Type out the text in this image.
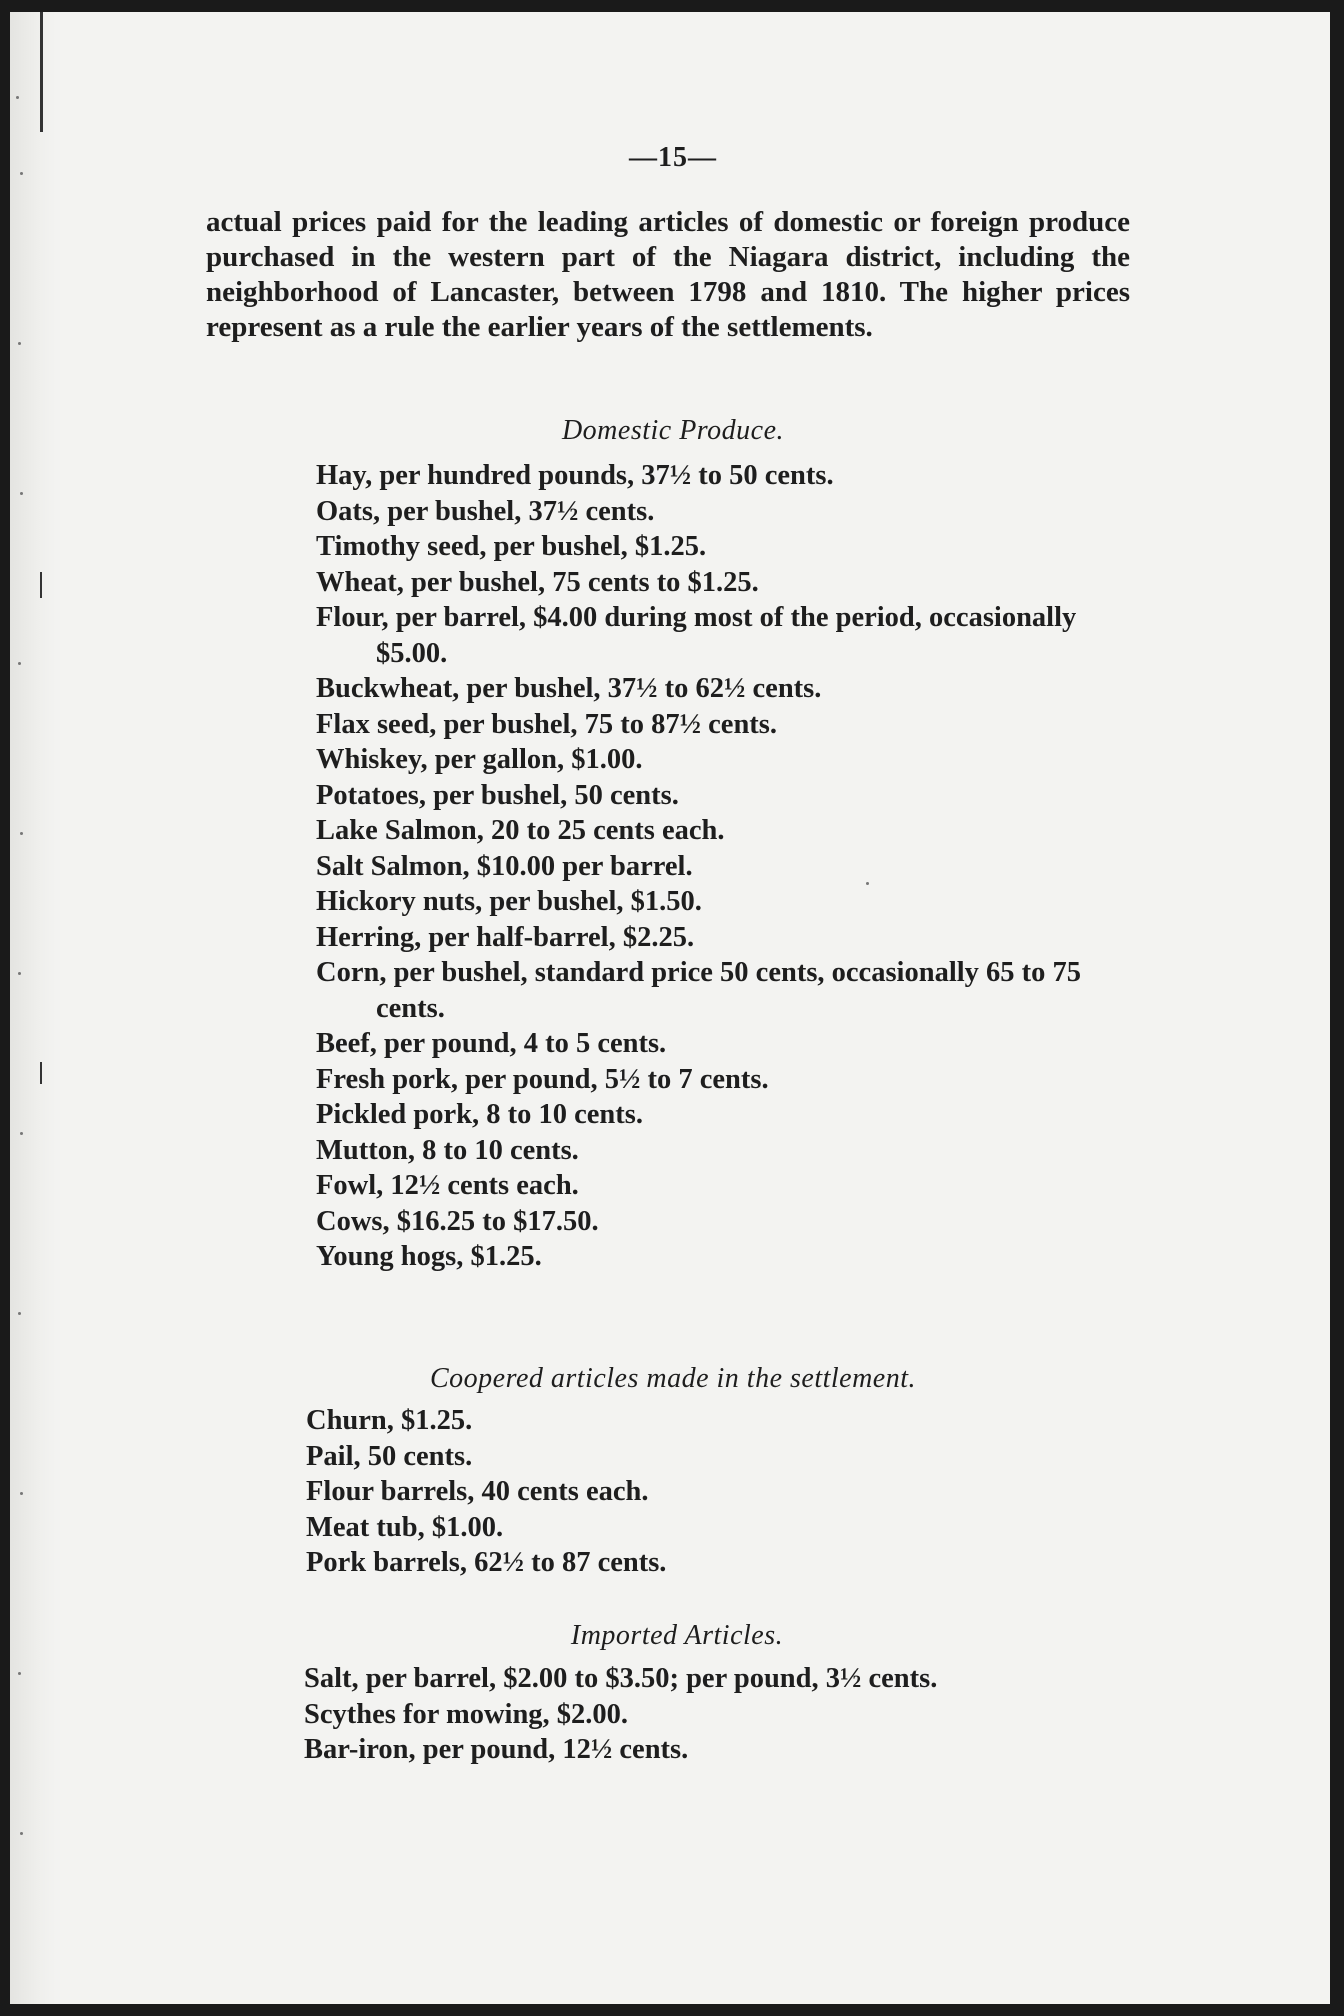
—15—

actual prices paid for the leading articles of domestic or foreign produce purchased in the western part of the Niagara district, including the neighborhood of Lancaster, between 1798 and 1810. The higher prices represent as a rule the earlier years of the settlements.

Domestic Produce.
Hay, per hundred pounds, 37½ to 50 cents.
Oats, per bushel, 37½ cents.
Timothy seed, per bushel, $1.25.
Wheat, per bushel, 75 cents to $1.25.
Flour, per barrel, $4.00 during most of the period, occasionally $5.00.
Buckwheat, per bushel, 37½ to 62½ cents.
Flax seed, per bushel, 75 to 87½ cents.
Whiskey, per gallon, $1.00.
Potatoes, per bushel, 50 cents.
Lake Salmon, 20 to 25 cents each.
Salt Salmon, $10.00 per barrel.
Hickory nuts, per bushel, $1.50.
Herring, per half-barrel, $2.25.
Corn, per bushel, standard price 50 cents, occasionally 65 to 75 cents.
Beef, per pound, 4 to 5 cents.
Fresh pork, per pound, 5½ to 7 cents.
Pickled pork, 8 to 10 cents.
Mutton, 8 to 10 cents.
Fowl, 12½ cents each.
Cows, $16.25 to $17.50.
Young hogs, $1.25.
Coopered articles made in the settlement.
Churn, $1.25.
Pail, 50 cents.
Flour barrels, 40 cents each.
Meat tub, $1.00.
Pork barrels, 62½ to 87 cents.
Imported Articles.
Salt, per barrel, $2.00 to $3.50; per pound, 3½ cents.
Scythes for mowing, $2.00.
Bar-iron, per pound, 12½ cents.
